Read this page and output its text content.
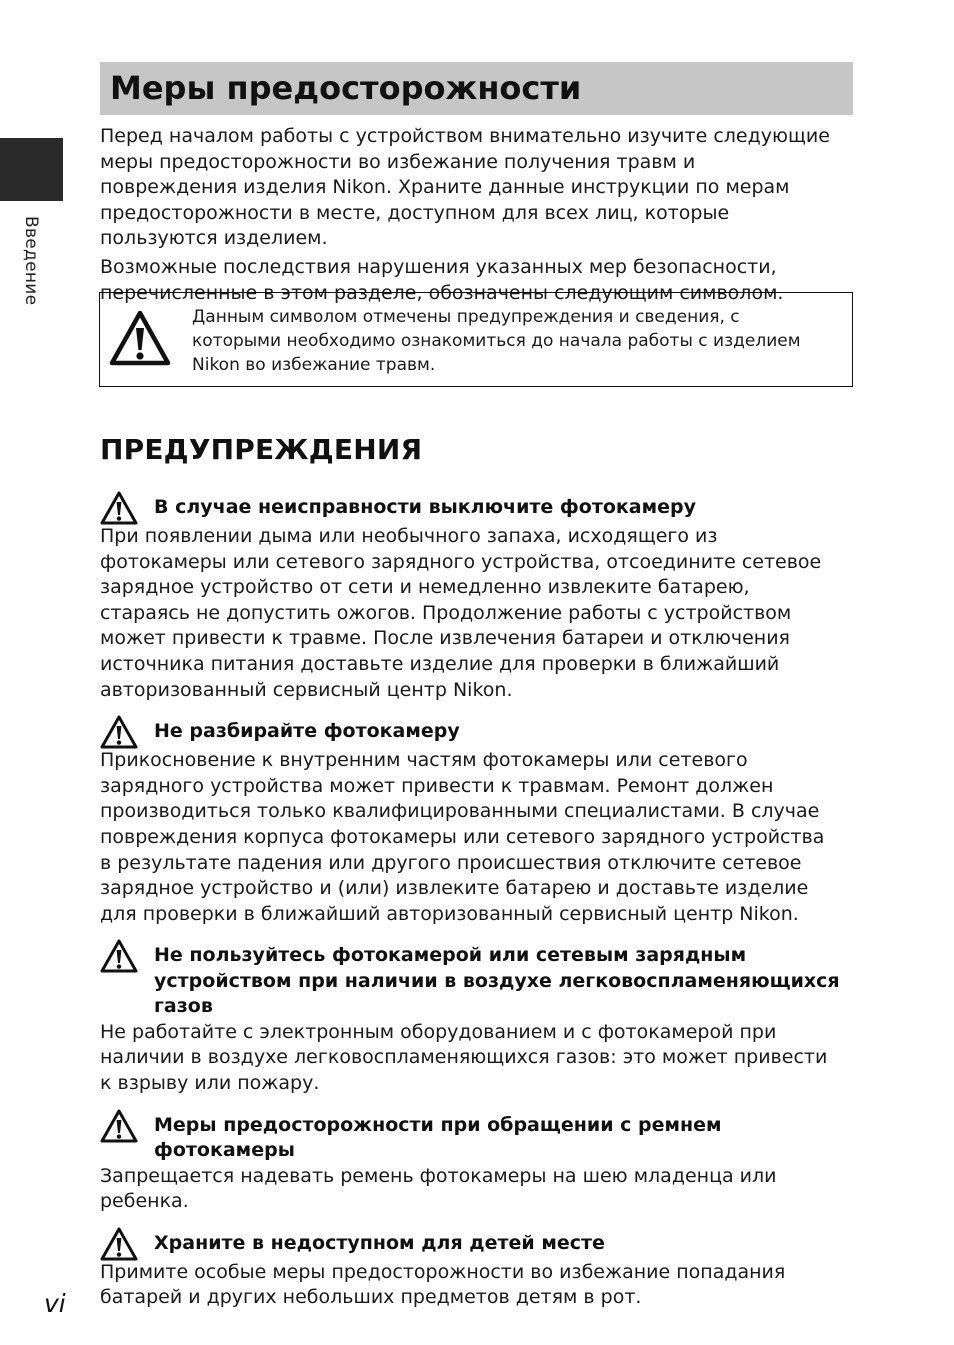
Введение
Меры предосторожности

Перед началом работы с устройством внимательно изучите следующие меры предосторожности во избежание получения травм и повреждения изделия Nikon. Храните данные инструкции по мерам предосторожности в месте, доступном для всех лиц, которые пользуются изделием.

Возможные последствия нарушения указанных мер безопасности, перечисленные в этом разделе, обозначены следующим символом.

Данным символом отмечены предупреждения и сведения, с которыми необходимо ознакомиться до начала работы с изделием Nikon во избежание травм.
ПРЕДУПРЕЖДЕНИЯ
В случае неисправности выключите фотокамеру

При появлении дыма или необычного запаха, исходящего из фотокамеры или сетевого зарядного устройства, отсоедините сетевое зарядное устройство от сети и немедленно извлеките батарею, стараясь не допустить ожогов. Продолжение работы с устройством может привести к травме. После извлечения батареи и отключения источника питания доставьте изделие для проверки в ближайший авторизованный сервисный центр Nikon.

Не разбирайте фотокамеру

Прикосновение к внутренним частям фотокамеры или сетевого зарядного устройства может привести к травмам. Ремонт должен производиться только квалифицированными специалистами. В случае повреждения корпуса фотокамеры или сетевого зарядного устройства в результате падения или другого происшествия отключите сетевое зарядное устройство и (или) извлеките батарею и доставьте изделие для проверки в ближайший авторизованный сервисный центр Nikon.

Не пользуйтесь фотокамерой или сетевым зарядным устройством при наличии в воздухе легковоспламеняющихся газов

Не работайте с электронным оборудованием и с фотокамерой при наличии в воздухе легковоспламеняющихся газов: это может привести к взрыву или пожару.

Меры предосторожности при обращении с ремнем фотокамеры

Запрещается надевать ремень фотокамеры на шею младенца или ребенка.

Храните в недоступном для детей месте

Примите особые меры предосторожности во избежание попадания батарей и других небольших предметов детям в рот.

vi
